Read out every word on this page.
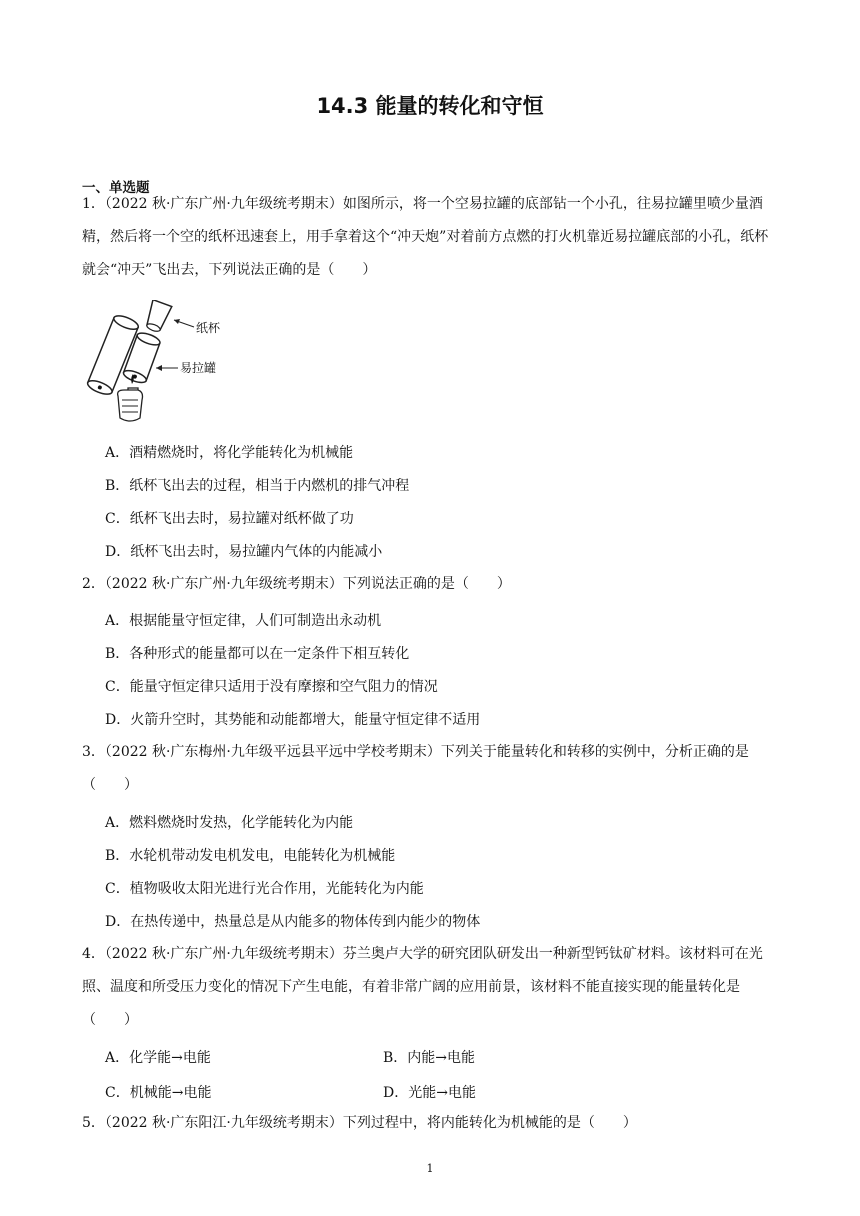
14.3 能量的转化和守恒
一、单选题
1．（2022 秋·广东广州·九年级统考期末）如图所示，将一个空易拉罐的底部钻一个小孔，往易拉罐里喷少量酒精，然后将一个空的纸杯迅速套上，用手拿着这个“冲天炮”对着前方点燃的打火机靠近易拉罐底部的小孔，纸杯就会“冲天”飞出去，下列说法正确的是（　　）
纸杯
易拉罐
A．酒精燃烧时，将化学能转化为机械能
B．纸杯飞出去的过程，相当于内燃机的排气冲程
C．纸杯飞出去时，易拉罐对纸杯做了功
D．纸杯飞出去时，易拉罐内气体的内能减小
2．（2022 秋·广东广州·九年级统考期末）下列说法正确的是（　　）
A．根据能量守恒定律，人们可制造出永动机
B．各种形式的能量都可以在一定条件下相互转化
C．能量守恒定律只适用于没有摩擦和空气阻力的情况
D．火箭升空时，其势能和动能都增大，能量守恒定律不适用
3．（2022 秋·广东梅州·九年级平远县平远中学校考期末）下列关于能量转化和转移的实例中，分析正确的是（　　）
A．燃料燃烧时发热，化学能转化为内能
B．水轮机带动发电机发电，电能转化为机械能
C．植物吸收太阳光进行光合作用，光能转化为内能
D．在热传递中，热量总是从内能多的物体传到内能少的物体
4．（2022 秋·广东广州·九年级统考期末）芬兰奥卢大学的研究团队研发出一种新型钙钛矿材料。该材料可在光照、温度和所受压力变化的情况下产生电能，有着非常广阔的应用前景，该材料不能直接实现的能量转化是（　　）
A．化学能→电能	B．内能→电能
C．机械能→电能	D．光能→电能
5．（2022 秋·广东阳江·九年级统考期末）下列过程中，将内能转化为机械能的是（　　）
1
